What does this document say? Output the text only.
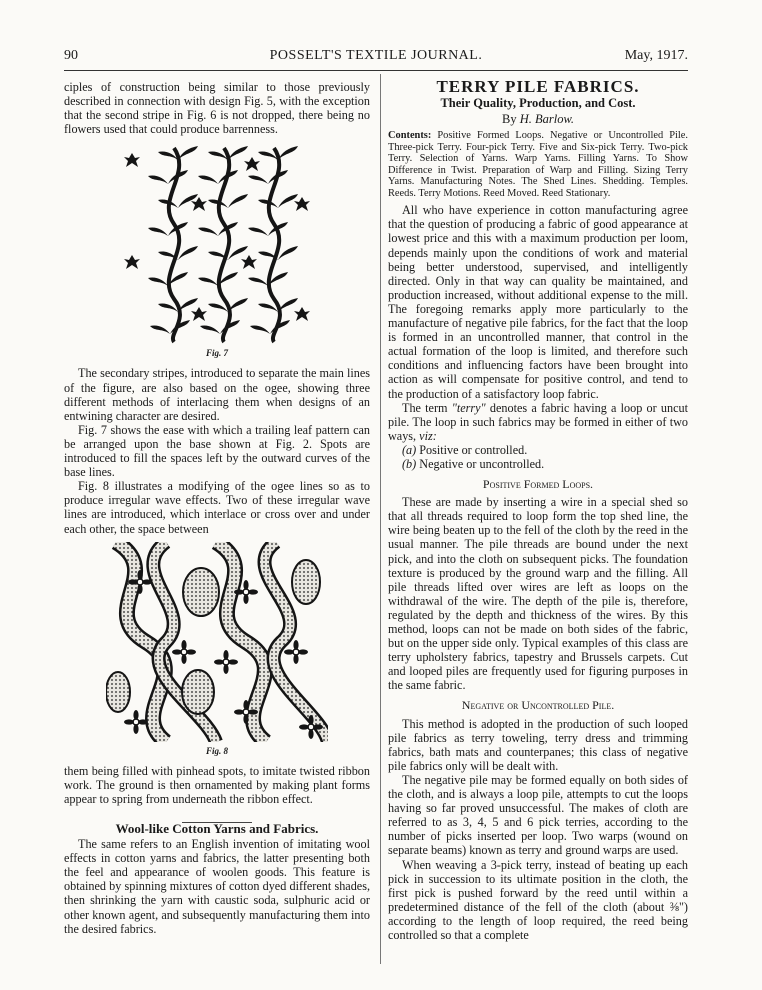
90	POSSELT'S TEXTILE JOURNAL.	May, 1917.

ciples of construction being similar to those previously described in connection with design Fig. 5, with the exception that the second stripe in Fig. 6 is not dropped, there being no flowers used that could produce barrenness.

Fig. 7

The secondary stripes, introduced to separate the main lines of the figure, are also based on the ogee, showing three different methods of interlacing them when designs of an entwining character are desired.

Fig. 7 shows the ease with which a trailing leaf pattern can be arranged upon the base shown at Fig. 2. Spots are introduced to fill the spaces left by the outward curves of the base lines.

Fig. 8 illustrates a modifying of the ogee lines so as to produce irregular wave effects. Two of these irregular wave lines are introduced, which interlace or cross over and under each other, the space between

Fig. 8

them being filled with pinhead spots, to imitate twisted ribbon work. The ground is then ornamented by making plant forms appear to spring from underneath the ribbon effect.

Wool-like Cotton Yarns and Fabrics.

The same refers to an English invention of imitating wool effects in cotton yarns and fabrics, the latter presenting both the feel and appearance of woolen goods. This feature is obtained by spinning mixtures of cotton dyed different shades, then shrinking the yarn with caustic soda, sulphuric acid or other known agent, and subsequently manufacturing them into the desired fabrics.

TERRY PILE FABRICS.

Their Quality, Production, and Cost.

By H. Barlow.

Contents: Positive Formed Loops. Negative or Uncontrolled Pile. Three-pick Terry. Four-pick Terry. Five and Six-pick Terry. Two-pick Terry. Selection of Yarns. Warp Yarns. Filling Yarns. To Show Difference in Twist. Preparation of Warp and Filling. Sizing Terry Yarns. Manufacturing Notes. The Shed Lines. Shedding. Temples. Reeds. Terry Motions. Reed Moved. Reed Stationary.

All who have experience in cotton manufacturing agree that the question of producing a fabric of good appearance at lowest price and this with a maximum production per loom, depends mainly upon the conditions of work and material being better understood, supervised, and intelligently directed. Only in that way can quality be maintained, and production increased, without additional expense to the mill. The foregoing remarks apply more particularly to the manufacture of negative pile fabrics, for the fact that the loop is formed in an uncontrolled manner, that control in the actual formation of the loop is limited, and therefore such conditions and influencing factors have been brought into action as will compensate for positive control, and tend to the production of a satisfactory loop fabric.

The term "terry" denotes a fabric having a loop or uncut pile. The loop in such fabrics may be formed in either of two ways, viz:

(a) Positive or controlled.

(b) Negative or uncontrolled.

Positive Formed Loops.

These are made by inserting a wire in a special shed so that all threads required to loop form the top shed line, the wire being beaten up to the fell of the cloth by the reed in the usual manner. The pile threads are bound under the next pick, and into the cloth on subsequent picks. The foundation texture is produced by the ground warp and the filling. All pile threads lifted over wires are left as loops on the withdrawal of the wire. The depth of the pile is, therefore, regulated by the depth and thickness of the wires. By this method, loops can not be made on both sides of the fabric, but on the upper side only. Typical examples of this class are terry upholstery fabrics, tapestry and Brussels carpets. Cut and looped piles are frequently used for figuring purposes in the same fabric.

Negative or Uncontrolled Pile.

This method is adopted in the production of such looped pile fabrics as terry toweling, terry dress and trimming fabrics, bath mats and counterpanes; this class of negative pile fabrics only will be dealt with.

The negative pile may be formed equally on both sides of the cloth, and is always a loop pile, attempts to cut the loops having so far proved unsuccessful. The makes of cloth are referred to as 3, 4, 5 and 6 pick terries, according to the number of picks inserted per loop. Two warps (wound on separate beams) known as terry and ground warps are used.

When weaving a 3-pick terry, instead of beating up each pick in succession to its ultimate position in the cloth, the first pick is pushed forward by the reed until within a predetermined distance of the fell of the cloth (about ⅜") according to the length of loop required, the reed being controlled so that a complete
